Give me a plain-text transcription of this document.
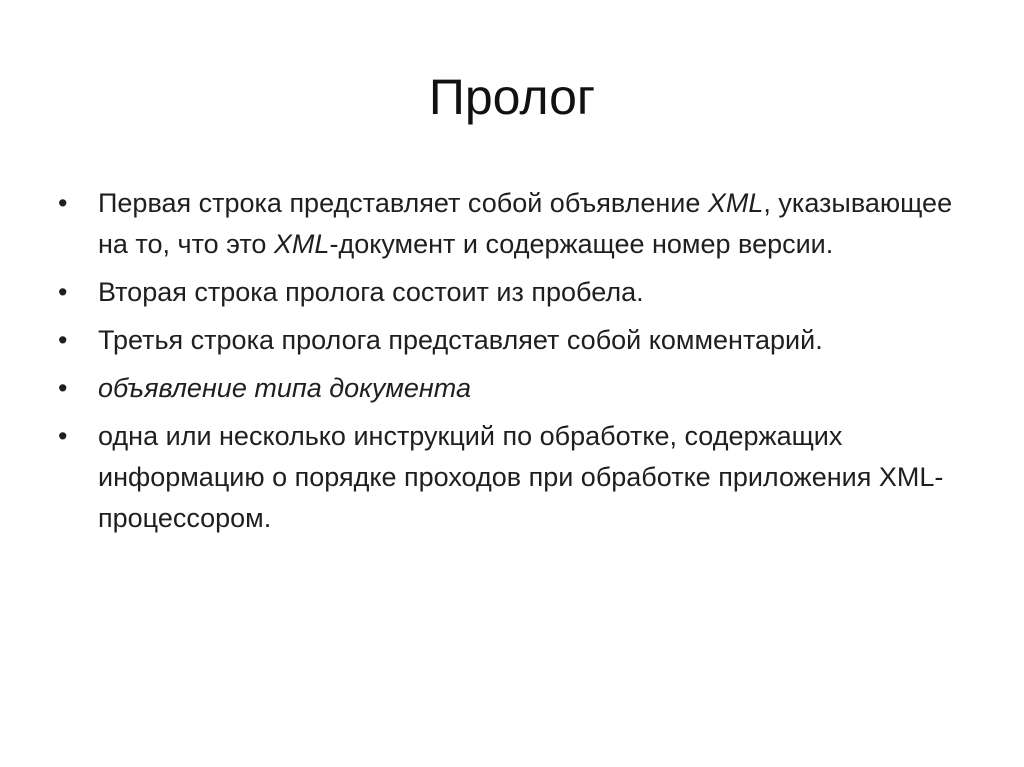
Пролог
•	Первая строка представляет собой объявление XML, указывающее на то, что это XML-документ и содержащее номер версии.
•	Вторая строка пролога состоит из пробела.
•	Третья строка пролога представляет собой комментарий.
•	объявление типа документа
•	одна или несколько инструкций по обработке, содержащих информацию о порядке проходов при обработке приложения XML-процессором.
